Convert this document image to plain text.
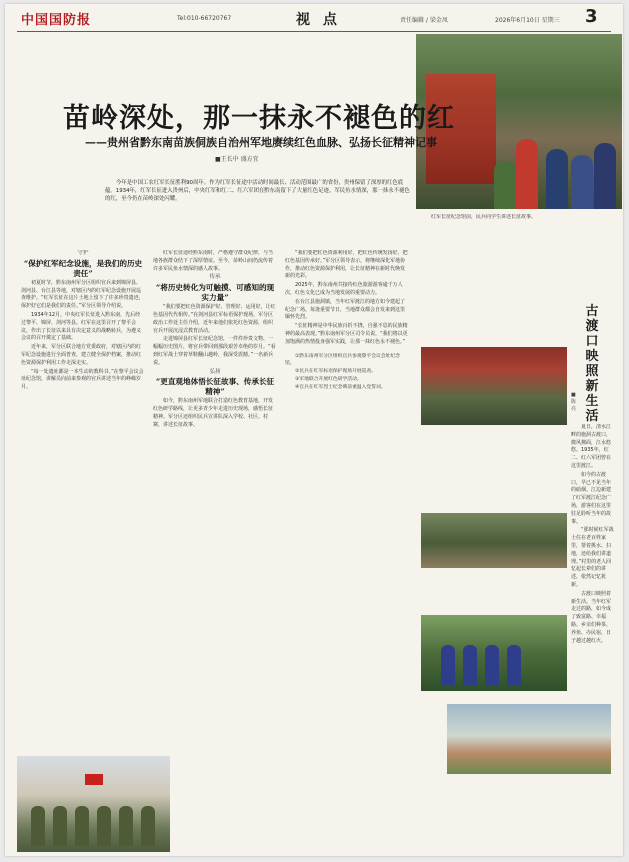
中国国防报	Tel:010-66720767	视 点	责任编辑 / 梁金凤	2026年6月10日 星期三 3
苗岭深处，那一抹永不褪色的红
——贵州省黔东南苗族侗族自治州军地赓续红色血脉、弘扬长征精神记事
■王长中 盛方宜
今年是中国工农红军长征胜利90周年。作为红军长征途中活动时间最长、活动范围最广的省份，贵州保留了深厚的红色底蕴。1934年，红军长征进入贵州后，中央红军和红二、红六军团在黔东南留下了大量红色足迹。军民鱼水情深，那一抹永不褪色的红，至今仍在苗岭深处闪耀。

守护

“保护红军纪念设施，是我们的历史责任”

初夏时节，黔东南州军分区组织官兵来到锦屏县、剑河县、台江县等地，对辖区内的红军纪念设施开展巡查维护。“红军长征在这片土地上留下了许多珍贵遗迹，保护好它们是我们的责任。”军分区领导介绍说。

1934年12月，中央红军长征进入黔东南，先后经过黎平、锦屏、剑河等县。红军在这里召开了黎平会议，作出了长征以来具有决定意义的战略转兵，为遵义会议的召开奠定了基础。

近年来，军分区联合地方党委政府，对辖区内的红军纪念设施进行全面普查，建立健全保护档案，推动红色资源保护利用工作走深走实。

“每一处遗址都是一本生动的教科书。”在黎平会议会址纪念馆，讲解员向前来参观的官兵讲述当年的峥嵘岁月。

红军长征途经黔东南时，严格遵守群众纪律，与当地各族群众结下了深厚情谊。至今，苗岭山间仍流传着许多军民鱼水情深的感人故事。

传承

“将历史转化为可触摸、可感知的现实力量”

“我们要把红色资源保护好、管理好、运用好，让红色基因代代相传。”在剑河县红军标语保护现场，军分区政治工作处主任介绍，近年来他们依托红色资源，组织官兵开展沉浸式教育活动。

走进锦屏县红军长征纪念馆，一件件珍贵文物、一幅幅历史图片，将官兵带回到那段艰苦卓绝的岁月。“看到红军战士穿着草鞋翻山越岭，我深受震撼。”一名新兵说。

弘扬

“更直观地体悟长征故事、传承长征精神”

如今，黔东南州军地联合打造红色教育基地，开发红色研学路线，让更多青少年走进历史现场，感悟长征精神。军分区还组织民兵宣讲队深入学校、社区、村寨，讲述长征故事。

“我们要把红色资源利用好，把红色传统发扬好，把红色基因传承好。”军分区领导表示，将继续深化军地协作，推动红色资源保护利用，让长征精神在新时代焕发新的光彩。

2025年，黔东南州共接待红色旅游游客逾千万人次，红色文化已成为当地发展的重要动力。

在台江县施洞镇，当年红军渡江的地方如今建起了纪念广场。每逢重要节日，当地群众都会自发来到这里缅怀先烈。

“长征精神是中华民族百折不挠、自强不息的民族精神的最高表现。”黔东南州军分区司令员说，“我们将以更加饱满的热情投身强军实践，让那一抹红色永不褪色。”

①黔东南州军分区组织官兵参观黎平会议会址纪念馆。

②民兵在红军标语保护现场开展巡查。

③军地联合开展红色研学活动。

④官兵在红军烈士纪念碑前重温入党誓词。

古渡口映照新生活
■陈亮

夏日，清水江畔的施洞古渡口，微风拂面，江水悠悠。1935年，红二、红六军团曾在这里渡江。

如今的古渡口，早已不见当年的硝烟。江边新建了红军渡江纪念广场，游客们在这里驻足聆听当年的故事。

“那时候红军战士住在老百姓家里，帮着挑水、扫地，还给我们讲道理。”村里的老人回忆起长辈们的讲述，依然记忆犹新。

古渡口映照着新生活。当年红军走过的路，如今成了致富路、幸福路。乡亲们种茶、养鱼、办民宿，日子越过越红火。

红军长征纪念馆前，民兵向学生讲述长征故事。
